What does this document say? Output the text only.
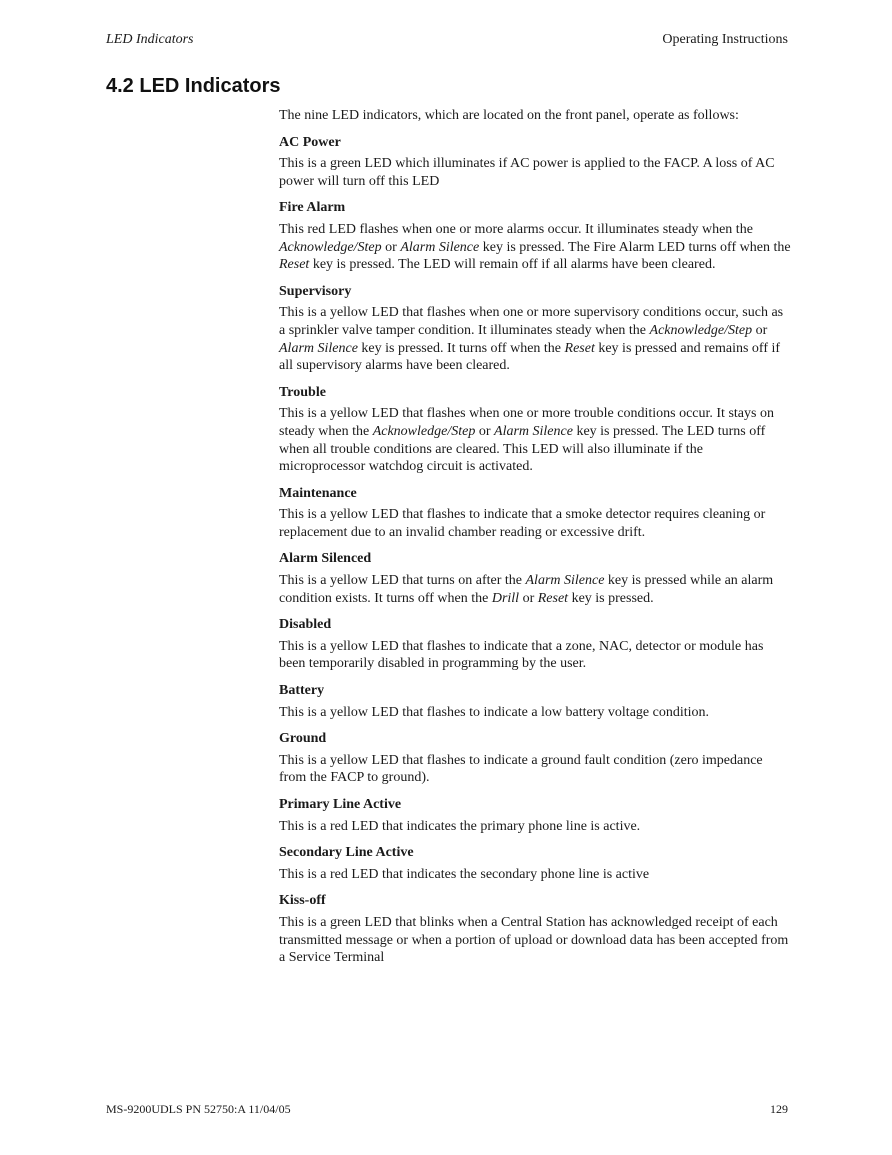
LED Indicators	Operating Instructions
4.2 LED Indicators

The nine LED indicators, which are located on the front panel, operate as follows:

AC Power

This is a green LED which illuminates if AC power is applied to the FACP. A loss of AC power will turn off this LED

Fire Alarm

This red LED flashes when one or more alarms occur. It illuminates steady when the Acknowledge/Step or Alarm Silence key is pressed. The Fire Alarm LED turns off when the Reset key is pressed. The LED will remain off if all alarms have been cleared.

Supervisory

This is a yellow LED that flashes when one or more supervisory conditions occur, such as a sprinkler valve tamper condition. It illuminates steady when the Acknowledge/Step or Alarm Silence key is pressed. It turns off when the Reset key is pressed and remains off if all supervisory alarms have been cleared.

Trouble

This is a yellow LED that flashes when one or more trouble conditions occur. It stays on steady when the Acknowledge/Step or Alarm Silence key is pressed. The LED turns off when all trouble conditions are cleared. This LED will also illuminate if the microprocessor watchdog circuit is activated.

Maintenance

This is a yellow LED that flashes to indicate that a smoke detector requires cleaning or replacement due to an invalid chamber reading or excessive drift.

Alarm Silenced

This is a yellow LED that turns on after the Alarm Silence key is pressed while an alarm condition exists. It turns off when the Drill or Reset key is pressed.

Disabled

This is a yellow LED that flashes to indicate that a zone, NAC, detector or module has been temporarily disabled in programming by the user.

Battery

This is a yellow LED that flashes to indicate a low battery voltage condition.

Ground

This is a yellow LED that flashes to indicate a ground fault condition (zero impedance from the FACP to ground).

Primary Line Active

This is a red LED that indicates the primary phone line is active.

Secondary Line Active

This is a red LED that indicates the secondary phone line is active

Kiss-off

This is a green LED that blinks when a Central Station has acknowledged receipt of each transmitted message or when a portion of upload or download data has been accepted from a Service Terminal

MS-9200UDLS PN 52750:A 11/04/05	129
